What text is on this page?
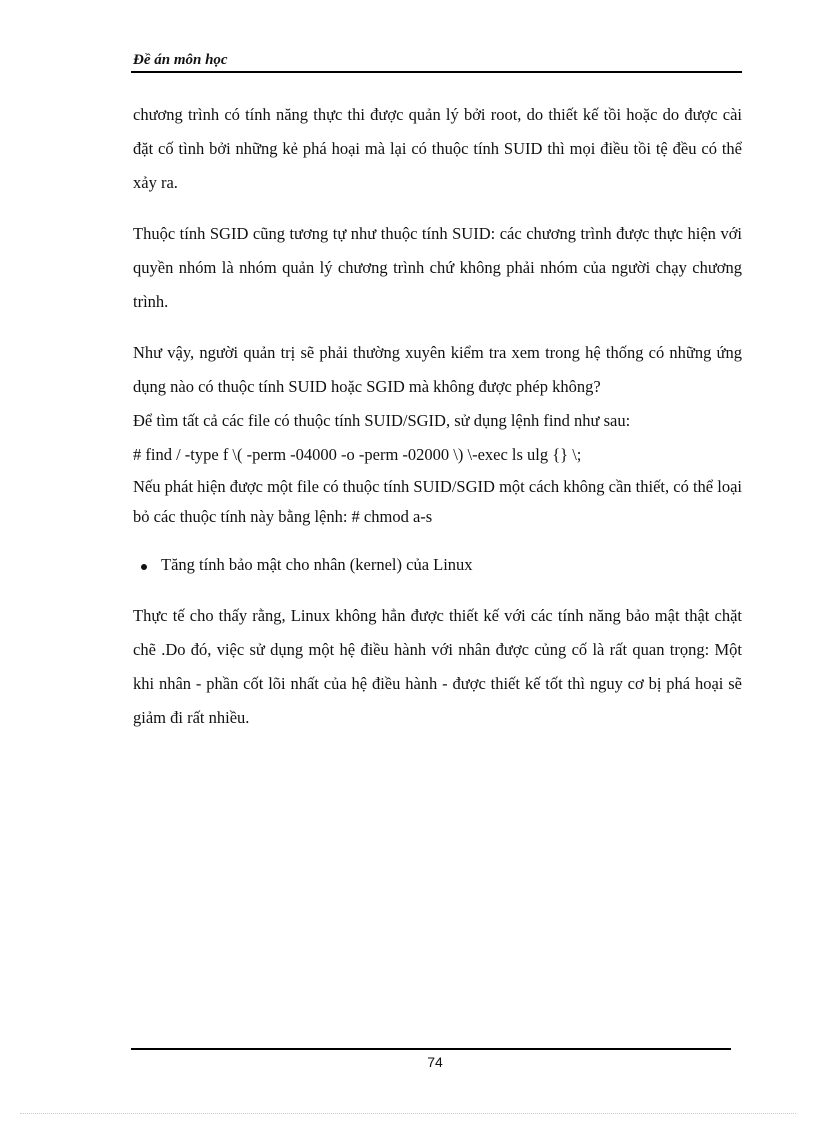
Đề án môn học

chương trình có tính năng thực thi được quản lý bởi root, do thiết kế tồi hoặc do được cài đặt cố tình bởi những kẻ phá hoại mà lại có thuộc tính SUID thì mọi điều tồi tệ đều có thể xảy ra.

Thuộc tính SGID cũng tương tự như thuộc tính SUID: các chương trình được thực hiện với quyền nhóm là nhóm quản lý chương trình chứ không phải nhóm của người chạy chương trình.

Như vậy, người quản trị sẽ phải thường xuyên kiểm tra xem trong hệ thống có những ứng dụng nào có thuộc tính SUID hoặc SGID mà không được phép không?

Để tìm tất cả các file có thuộc tính SUID/SGID, sử dụng lệnh find như sau:

# find / -type f \( -perm -04000 -o -perm -02000 \) \-exec ls ulg {} \;

Nếu phát hiện được một file có thuộc tính SUID/SGID một cách không cần thiết, có thể loại bỏ các thuộc tính này bằng lệnh: # chmod a-s

Tăng tính bảo mật cho nhân (kernel) của Linux

Thực tế cho thấy rằng, Linux không hẳn được thiết kế với các tính năng bảo mật thật chặt chẽ .Do đó, việc sử dụng một hệ điều hành với nhân được củng cố là rất quan trọng: Một khi nhân - phần cốt lõi nhất của hệ điều hành - được thiết kế tốt thì nguy cơ bị phá hoại sẽ giảm đi rất nhiều.

74
